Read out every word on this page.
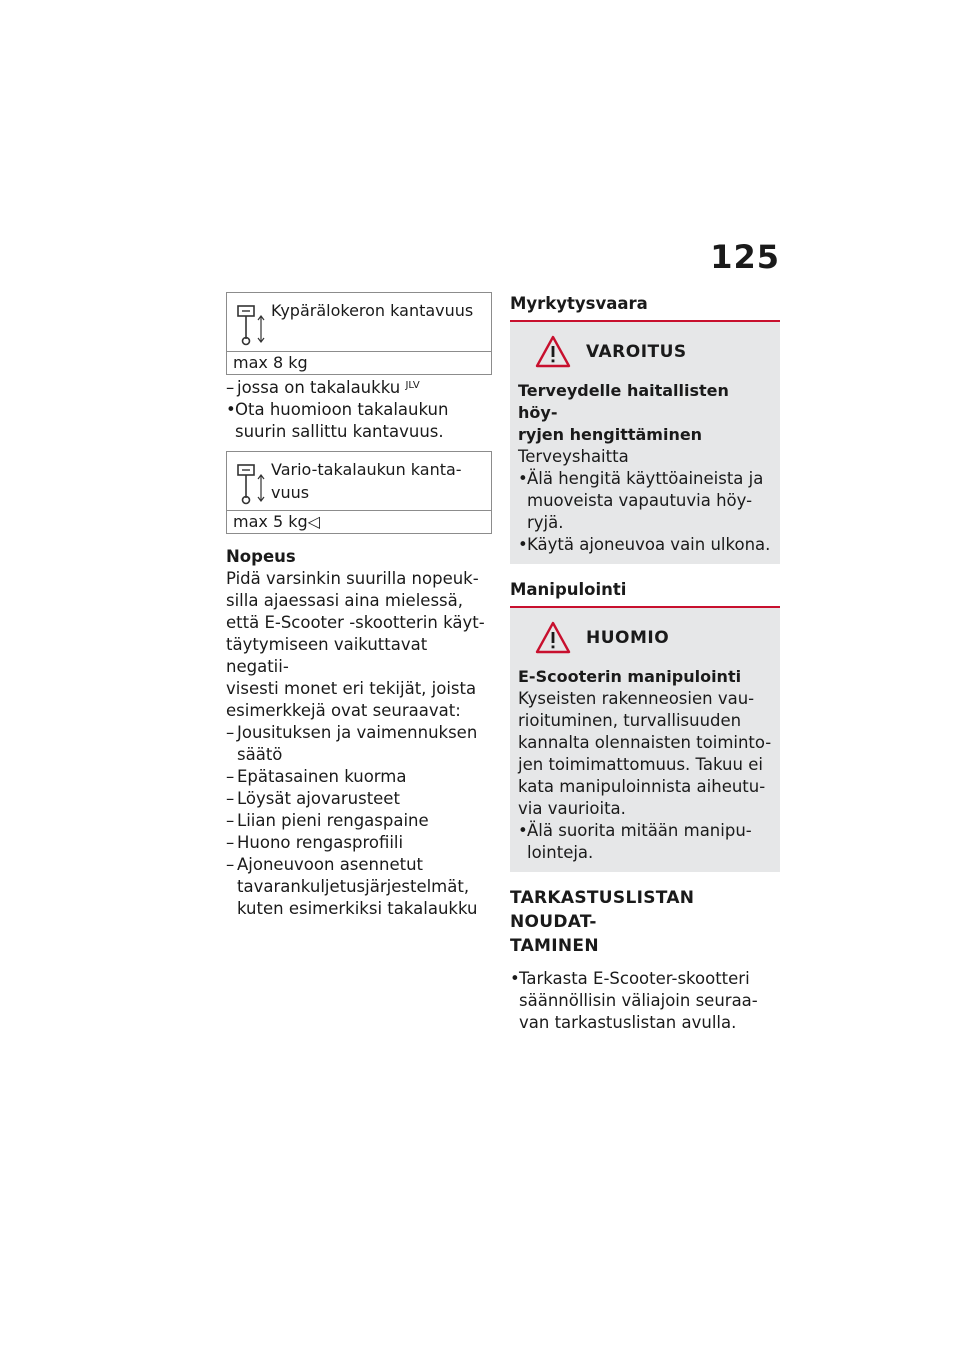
125
Kypärälokeron kantavuus
max 8 kg
– jossa on takalaukku $^{JLV}$
• Ota huomioon takalaukun suurin sallittu kantavuus.
Vario-takalaukun kanta-
vuus
max 5 kg◁
Nopeus
Pidä varsinkin suurilla nopeuk-
silla ajaessasi aina mielessä,
että E-Scooter -skootterin käyt-
täytymiseen vaikuttavat negatii-
visesti monet eri tekijät, joista
esimerkkejä ovat seuraavat:
– Jousituksen ja vaimennuksen säätö
– Epätasainen kuorma
– Löysät ajovarusteet
– Liian pieni rengaspaine
– Huono rengasprofiili
– Ajoneuvoon asennetut tavarankuljetusjärjestelmät, kuten esimerkiksi takalaukku
Myrkytysvaara
VAROITUS
Terveydelle haitallisten höy-
ryjen hengittäminen
Terveyshaitta
• Älä hengitä käyttöaineista ja muoveista vapautuvia höy- ryjä.
• Käytä ajoneuvoa vain ulkona.
Manipulointi
HUOMIO
E-Scooterin manipulointi
Kyseisten rakenneosien vau-
rioituminen, turvallisuuden
kannalta olennaisten toiminto-
jen toimimattomuus. Takuu ei
kata manipuloinnista aiheutu-
via vaurioita.
• Älä suorita mitään manipu- lointeja.
TARKASTUSLISTAN NOUDAT-
TAMINEN
• Tarkasta E-Scooter-skootteri säännöllisin väliajoin seuraa- van tarkastuslistan avulla.
